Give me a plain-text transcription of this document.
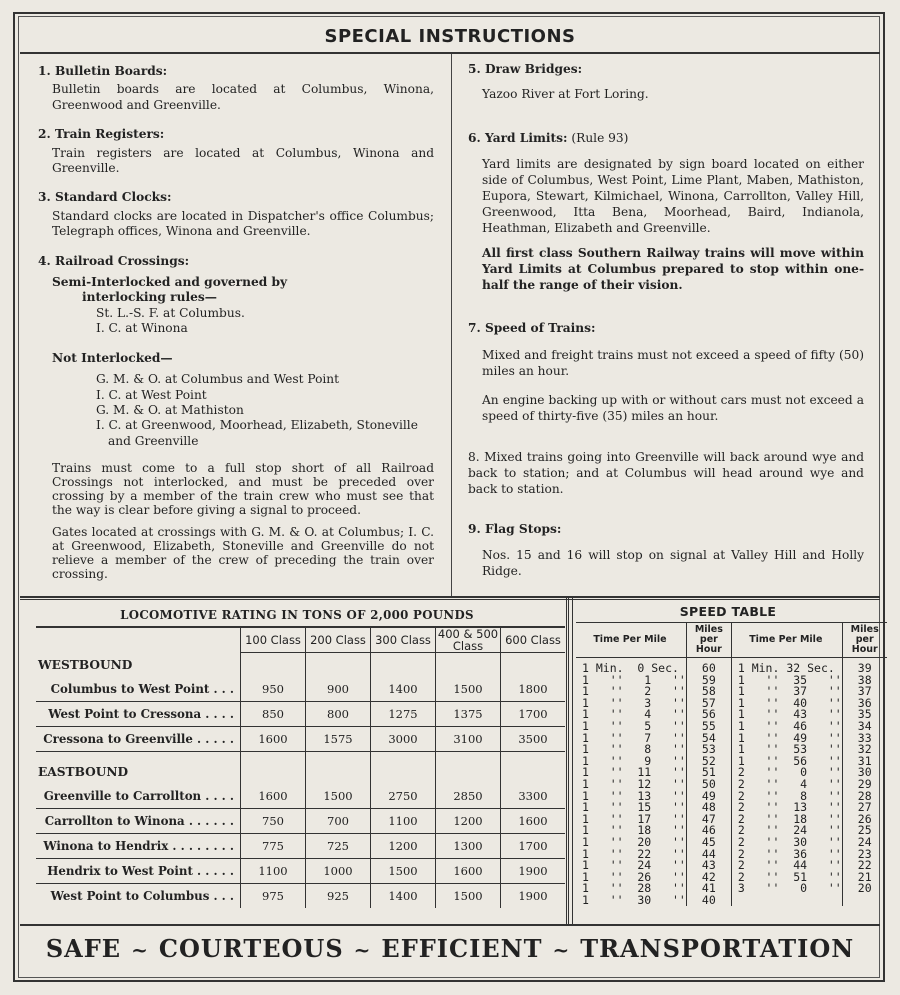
SPECIAL INSTRUCTIONS

1. Bulletin Boards:

Bulletin boards are located at Columbus, Winona, Greenwood and Greenville.

2. Train Registers:

Train registers are located at Columbus, Winona and Greenville.

3. Standard Clocks:

Standard clocks are located in Dispatcher's office Columbus; Telegraph offices, Winona and Greenville.

4. Railroad Crossings:

Semi-Interlocked and governed by

interlocking rules—

St. L.-S. F. at Columbus.

I. C. at Winona

Not Interlocked—

G. M. & O. at Columbus and West Point

I. C. at West Point

G. M. & O. at Mathiston

I. C. at Greenwood, Moorhead, Elizabeth, Stoneville

and Greenville

Trains must come to a full stop short of all Railroad Crossings not interlocked, and must be preceded over crossing by a member of the train crew who must see that the way is clear before giving a signal to proceed.

Gates located at crossings with G. M. & O. at Columbus; I. C. at Greenwood, Elizabeth, Stoneville and Greenville do not relieve a member of the crew of preceding the train over crossing.

5. Draw Bridges:

Yazoo River at Fort Loring.

6. Yard Limits: (Rule 93)

Yard limits are designated by sign board located on either side of Columbus, West Point, Lime Plant, Maben, Mathiston, Eupora, Stewart, Kilmichael, Winona, Carrollton, Valley Hill, Greenwood, Itta Bena, Moorhead, Baird, Indianola, Heathman, Elizabeth and Greenville.

All first class Southern Railway trains will move within Yard Limits at Columbus prepared to stop within one-half the range of their vision.

7. Speed of Trains:

Mixed and freight trains must not exceed a speed of fifty (50) miles an hour.

An engine backing up with or without cars must not exceed a speed of thirty-five (35) miles an hour.

8. Mixed trains going into Greenville will back around wye and back to station; and at Columbus will head around wye and back to station.

9. Flag Stops:

Nos. 15 and 16 will stop on signal at Valley Hill and Holly Ridge.

LOCOMOTIVE RATING IN TONS OF 2,000 POUNDS
	100 Class	200 Class	300 Class	400 & 500 Class	600 Class
WESTBOUND					
Columbus to West Point . . .	950	900	1400	1500	1800
West Point to Cressona . . . .	850	800	1275	1375	1700
Cressona to Greenville . . . . .	1600	1575	3000	3100	3500
EASTBOUND					
Greenville to Carrollton . . . .	1600	1500	2750	2850	3300
Carrollton to Winona . . . . . .	750	700	1100	1200	1600
Winona to Hendrix . . . . . . . .	775	725	1200	1300	1700
Hendrix to West Point . . . . .	1100	1000	1500	1600	1900
West Point to Columbus . . .	975	925	1400	1500	1900
SPEED TABLE
Time Per Mile	Miles per Hour	Time Per Mile	Miles per Hour
1 Min.  0 Sec.	60	1 Min. 32 Sec.	39
1   ''   1   ''	59	1   ''  35   ''	38
1   ''   2   ''	58	1   ''  37   ''	37
1   ''   3   ''	57	1   ''  40   ''	36
1   ''   4   ''	56	1   ''  43   ''	35
1   ''   5   ''	55	1   ''  46   ''	34
1   ''   7   ''	54	1   ''  49   ''	33
1   ''   8   ''	53	1   ''  53   ''	32
1   ''   9   ''	52	1   ''  56   ''	31
1   ''  11   ''	51	2   ''   0   ''	30
1   ''  12   ''	50	2   ''   4   ''	29
1   ''  13   ''	49	2   ''   8   ''	28
1   ''  15   ''	48	2   ''  13   ''	27
1   ''  17   ''	47	2   ''  18   ''	26
1   ''  18   ''	46	2   ''  24   ''	25
1   ''  20   ''	45	2   ''  30   ''	24
1   ''  22   ''	44	2   ''  36   ''	23
1   ''  24   ''	43	2   ''  44   ''	22
1   ''  26   ''	42	2   ''  51   ''	21
1   ''  28   ''	41	3   ''   0   ''	20
1   ''  30   ''	40		
SAFE ~ COURTEOUS ~ EFFICIENT ~ TRANSPORTATION
